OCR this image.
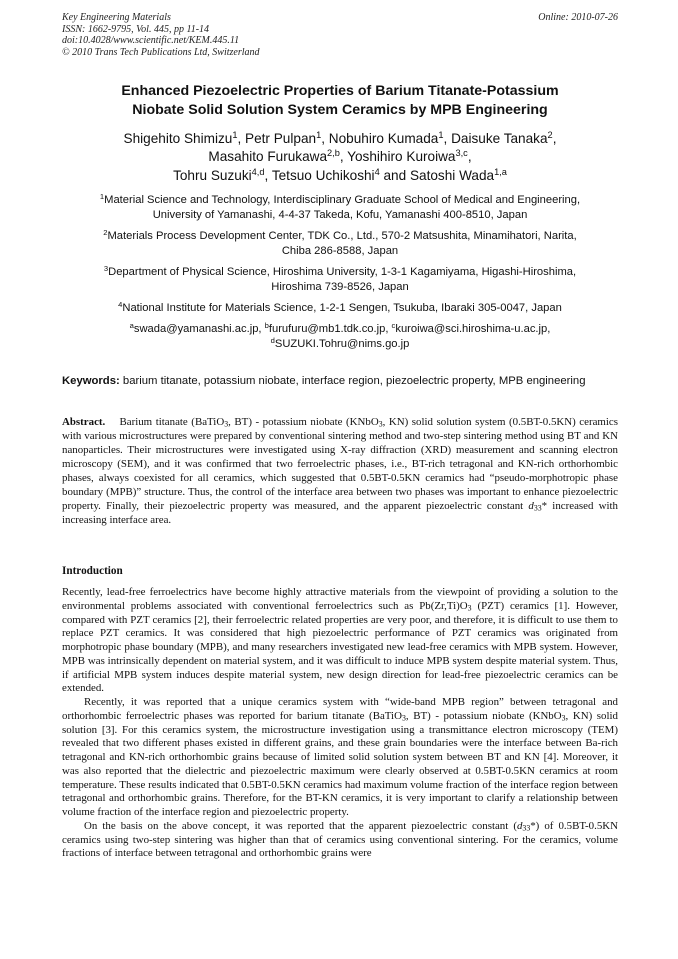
Key Engineering Materials	Online: 2010-07-26
ISSN: 1662-9795, Vol. 445, pp 11-14
doi:10.4028/www.scientific.net/KEM.445.11
© 2010 Trans Tech Publications Ltd, Switzerland
Enhanced Piezoelectric Properties of Barium Titanate-Potassium
Niobate Solid Solution System Ceramics by MPB Engineering
Shigehito Shimizu$^1$, Petr Pulpan$^1$, Nobuhiro Kumada$^1$, Daisuke Tanaka$^2$,
Masahito Furukawa$^{2,b}$, Yoshihiro Kuroiwa$^{3,c}$,
Tohru Suzuki$^{4,d}$, Tetsuo Uchikoshi$^4$ and Satoshi Wada$^{1,a}$
$^1$Material Science and Technology, Interdisciplinary Graduate School of Medical and Engineering,
University of Yamanashi, 4-4-37 Takeda, Kofu, Yamanashi 400-8510, Japan
$^2$Materials Process Development Center, TDK Co., Ltd., 570-2 Matsushita, Minamihatori, Narita,
Chiba 286-8588, Japan
$^3$Department of Physical Science, Hiroshima University, 1-3-1 Kagamiyama, Higashi-Hiroshima,
Hiroshima 739-8526, Japan
$^4$National Institute for Materials Science, 1-2-1 Sengen, Tsukuba, Ibaraki 305-0047, Japan
$^a$swada@yamanashi.ac.jp, $^b$furufuru@mb1.tdk.co.jp, $^c$kuroiwa@sci.hiroshima-u.ac.jp,
$^d$SUZUKI.Tohru@nims.go.jp
Keywords: barium titanate, potassium niobate, interface region, piezoelectric property, MPB engineering
Abstract. Barium titanate (BaTiO$_3$, BT) - potassium niobate (KNbO$_3$, KN) solid solution system (0.5BT-0.5KN) ceramics with various microstructures were prepared by conventional sintering method and two-step sintering method using BT and KN nanoparticles. Their microstructures were investigated using X-ray diffraction (XRD) measurement and scanning electron microscopy (SEM), and it was confirmed that two ferroelectric phases, i.e., BT-rich tetragonal and KN-rich orthorhombic phases, always coexisted for all ceramics, which suggested that 0.5BT-0.5KN ceramics had “pseudo-morphotropic phase boundary (MPB)” structure. Thus, the control of the interface area between two phases was important to enhance piezoelectric property. Finally, their piezoelectric property was measured, and the apparent piezoelectric constant $d_{33}*$ increased with increasing interface area.
Introduction

Recently, lead-free ferroelectrics have become highly attractive materials from the viewpoint of providing a solution to the environmental problems associated with conventional ferroelectrics such as $Pb(Zr,Ti)O_3$ (PZT) ceramics [1]. However, compared with PZT ceramics [2], their ferroelectric related properties are very poor, and therefore, it is difficult to use them to replace PZT ceramics. It was considered that high piezoelectric performance of PZT ceramics was originated from morphotropic phase boundary (MPB), and many researchers investigated new lead-free ceramics with MPB system. However, MPB was intrinsically dependent on material system, and it was difficult to induce MPB system despite material system. Thus, if artificial MPB system induces despite material system, new design direction for lead-free piezoelectric ceramics can be extended.

Recently, it was reported that a unique ceramics system with “wide-band MPB region” between tetragonal and orthorhombic ferroelectric phases was reported for barium titanate (BaTiO$_3$, BT) - potassium niobate (KNbO$_3$, KN) solid solution [3]. For this ceramics system, the microstructure investigation using a transmittance electron microscopy (TEM) revealed that two different phases existed in different grains, and these grain boundaries were the interface between Ba-rich tetragonal and KN-rich orthorhombic grains because of limited solid solution system between BT and KN [4]. Moreover, it was also reported that the dielectric and piezoelectric maximum were clearly observed at 0.5BT-0.5KN ceramics at room temperature. These results indicated that 0.5BT-0.5KN ceramics had maximum volume fraction of the interface region between tetragonal and orthorhombic grains. Therefore, for the BT-KN ceramics, it is very important to clarify a relationship between volume fraction of the interface region and piezoelectric property.

On the basis on the above concept, it was reported that the apparent piezoelectric constant $(d_{33}*)$ of 0.5BT-0.5KN ceramics using two-step sintering was higher than that of ceramics using conventional sintering. For the ceramics, volume fractions of interface between tetragonal and orthorhombic grains were
